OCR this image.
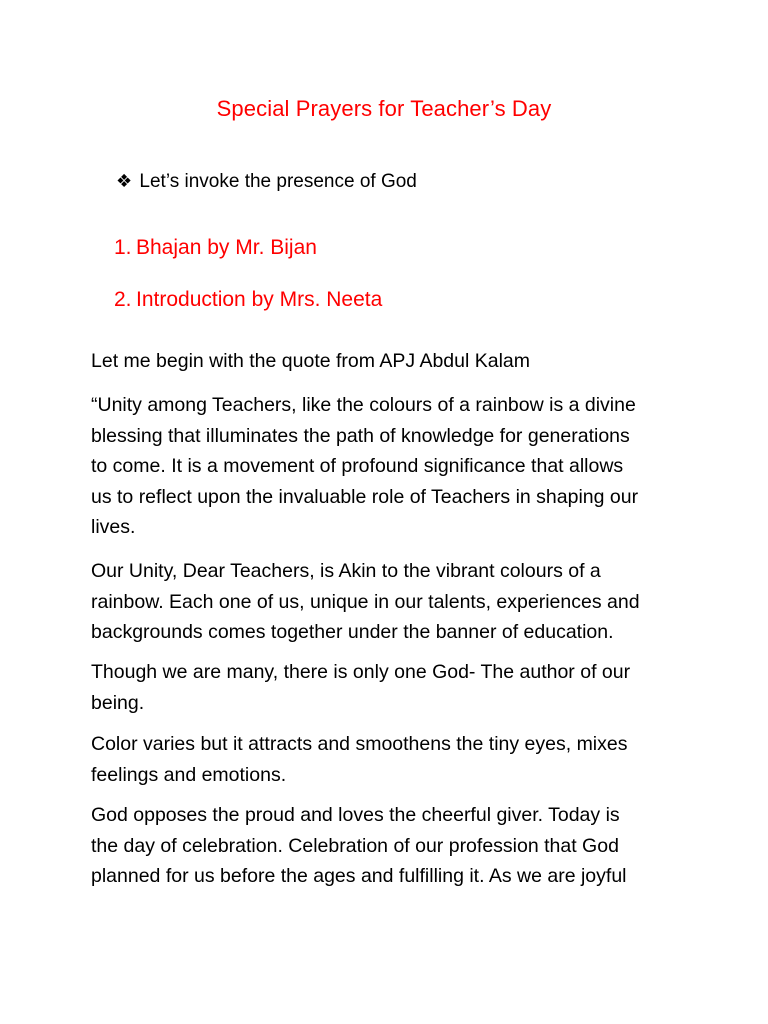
Special Prayers for Teacher’s Day
❖ Let’s invoke the presence of God
1. Bhajan by Mr. Bijan
2. Introduction by Mrs. Neeta
Let me begin with the quote from APJ Abdul Kalam
“Unity among Teachers, like the colours of a rainbow is a divine
blessing that illuminates the path of knowledge for generations
to come. It is a movement of profound significance that allows
us to reflect upon the invaluable role of Teachers in shaping our
lives.
Our Unity, Dear Teachers, is Akin to the vibrant colours of a
rainbow. Each one of us, unique in our talents, experiences and
backgrounds comes together under the banner of education.
Though we are many, there is only one God- The author of our
being.
Color varies but it attracts and smoothens the tiny eyes, mixes
feelings and emotions.
God opposes the proud and loves the cheerful giver. Today is
the day of celebration. Celebration of our profession that God
planned for us before the ages and fulfilling it. As we are joyful
